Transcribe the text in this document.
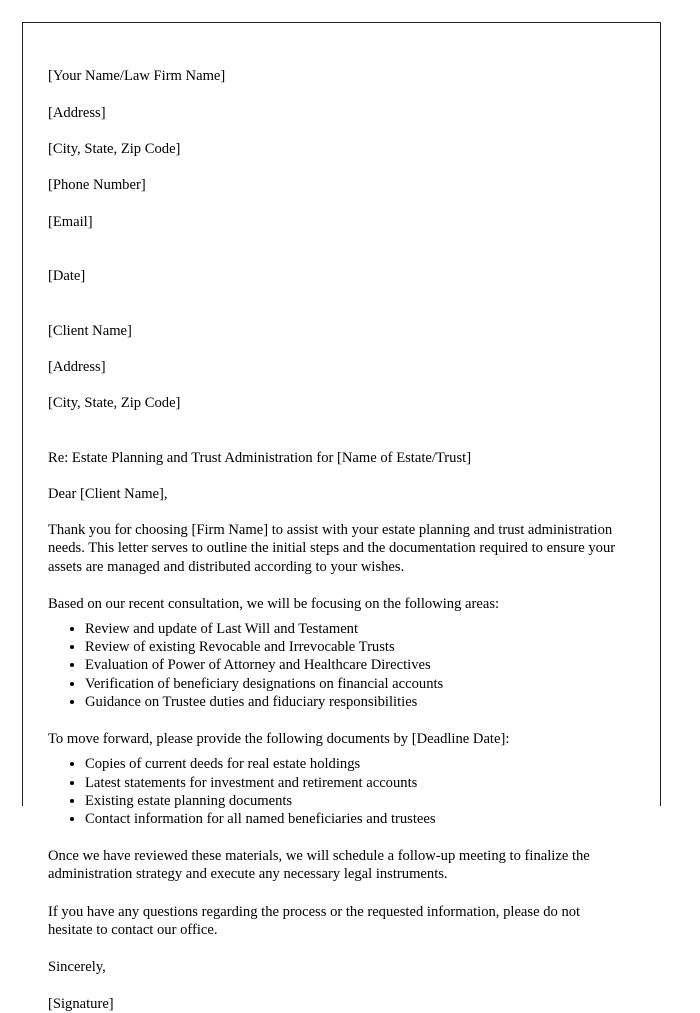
[Your Name/Law Firm Name]

[Address]

[City, State, Zip Code]

[Phone Number]

[Email]

[Date]

[Client Name]

[Address]

[City, State, Zip Code]

Re: Estate Planning and Trust Administration for [Name of Estate/Trust]

Dear [Client Name],

Thank you for choosing [Firm Name] to assist with your estate planning and trust administration needs. This letter serves to outline the initial steps and the documentation required to ensure your assets are managed and distributed according to your wishes.

Based on our recent consultation, we will be focusing on the following areas:

• Review and update of Last Will and Testament
• Review of existing Revocable and Irrevocable Trusts
• Evaluation of Power of Attorney and Healthcare Directives
• Verification of beneficiary designations on financial accounts
• Guidance on Trustee duties and fiduciary responsibilities

To move forward, please provide the following documents by [Deadline Date]:

• Copies of current deeds for real estate holdings
• Latest statements for investment and retirement accounts
• Existing estate planning documents
• Contact information for all named beneficiaries and trustees

Once we have reviewed these materials, we will schedule a follow-up meeting to finalize the administration strategy and execute any necessary legal instruments.

If you have any questions regarding the process or the requested information, please do not hesitate to contact our office.

Sincerely,

[Signature]
